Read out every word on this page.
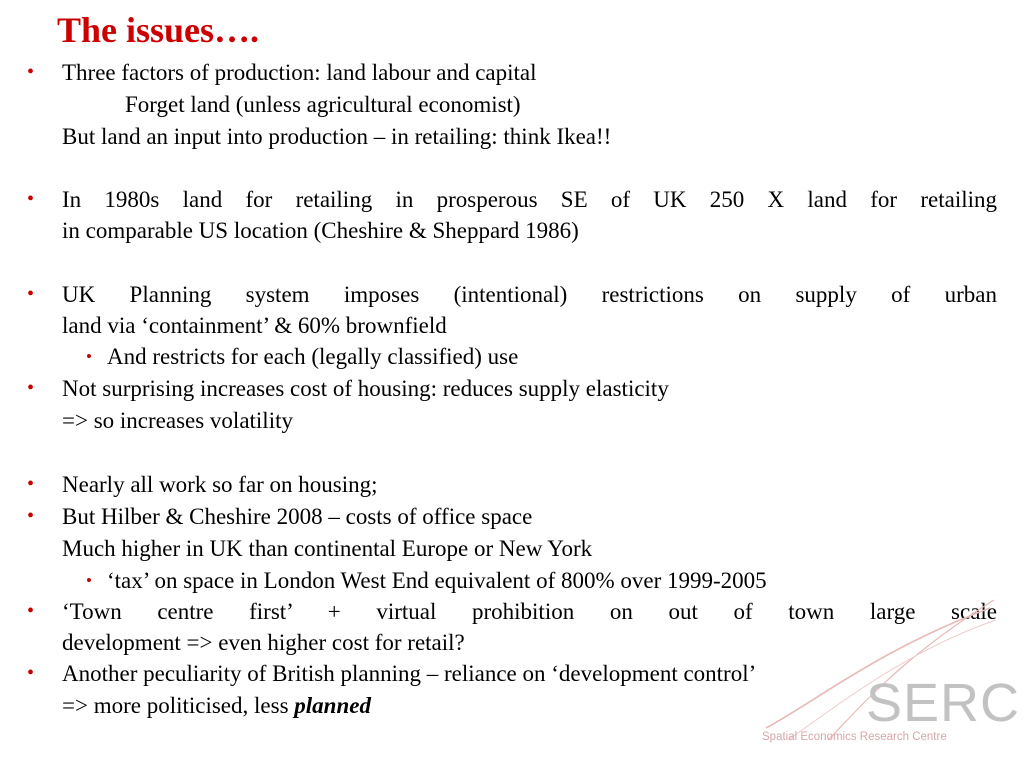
The issues….
• Three factors of production: land labour and capital
Forget land (unless agricultural economist)
But land an input into production – in retailing: think Ikea!!
• In 1980s land for retailing in prosperous SE of UK 250 X land for retailing
in comparable US location (Cheshire & Sheppard 1986)
• UK Planning system imposes (intentional) restrictions on supply of urban
land via ‘containment’ & 60% brownfield
• And restricts for each (legally classified) use
• Not surprising increases cost of housing: reduces supply elasticity
=> so increases volatility
• Nearly all work so far on housing;
• But Hilber & Cheshire 2008 – costs of office space
Much higher in UK than continental Europe or New York
• ‘tax’ on space in London West End equivalent of 800% over 1999-2005
• ‘Town centre first’ + virtual prohibition on out of town large scale
development => even higher cost for retail?
• Another peculiarity of British planning – reliance on ‘development control’
=> more politicised, less planned	SERC
Spatial Economics Research Centre
